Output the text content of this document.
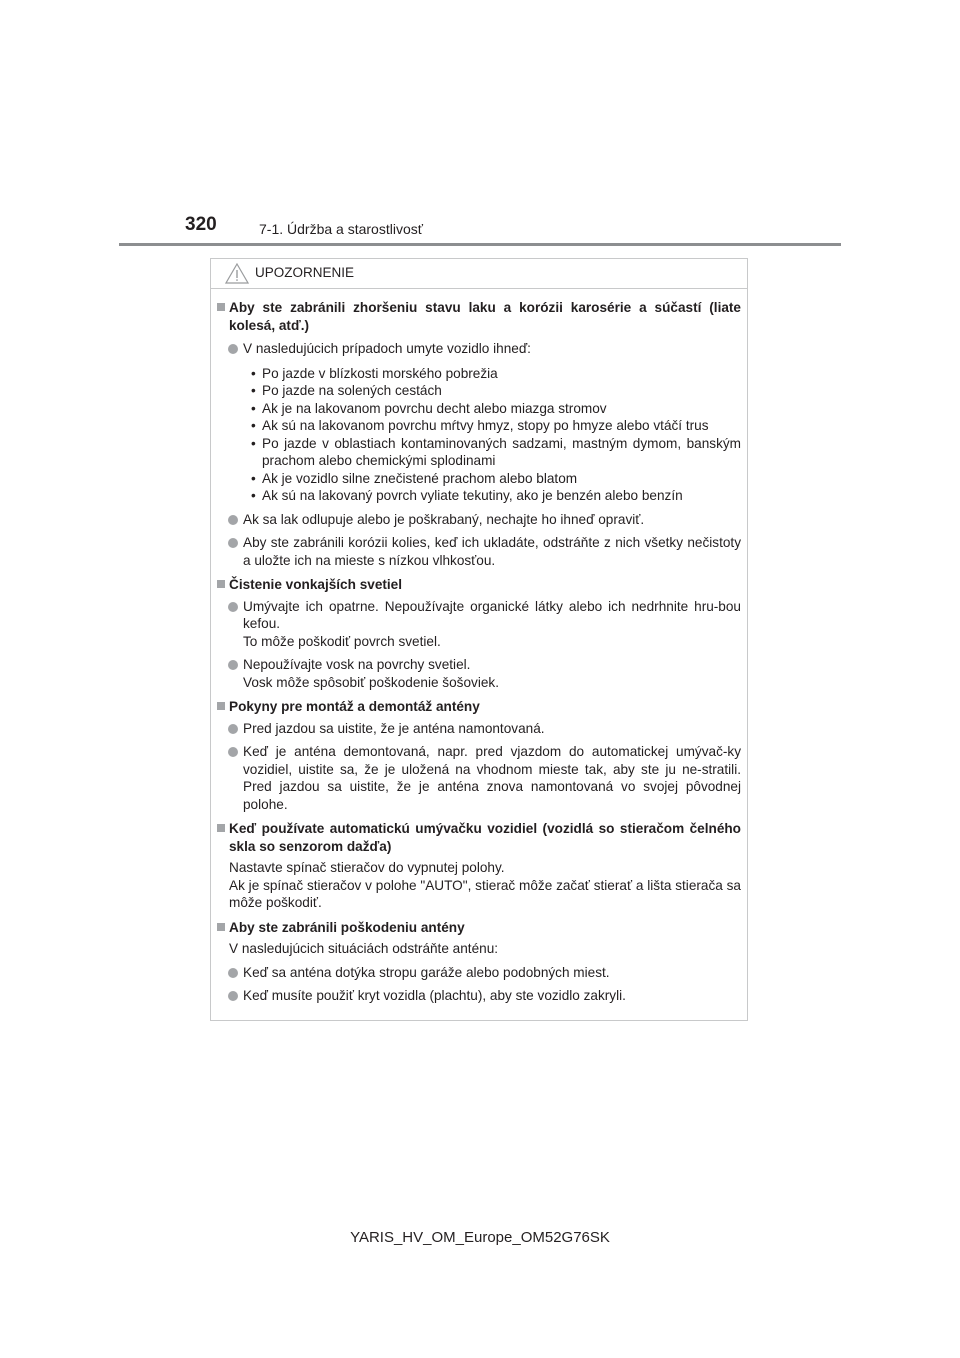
320	7-1. Údržba a starostlivosť
UPOZORNENIE
Aby ste zabránili zhoršeniu stavu laku a korózii karosérie a súčastí (liate kolesá, atď.)
V nasledujúcich prípadoch umyte vozidlo ihneď:
• Po jazde v blízkosti morského pobrežia
• Po jazde na solených cestách
• Ak je na lakovanom povrchu decht alebo miazga stromov
• Ak sú na lakovanom povrchu mŕtvy hmyz, stopy po hmyze alebo vtáčí trus
• Po jazde v oblastiach kontaminovaných sadzami, mastným dymom, banským prachom alebo chemickými splodinami
• Ak je vozidlo silne znečistené prachom alebo blatom
• Ak sú na lakovaný povrch vyliate tekutiny, ako je benzén alebo benzín
Ak sa lak odlupuje alebo je poškrabaný, nechajte ho ihneď opraviť.
Aby ste zabránili korózii kolies, keď ich ukladáte, odstráňte z nich všetky nečistoty a uložte ich na mieste s nízkou vlhkosťou.
Čistenie vonkajších svetiel
Umývajte ich opatrne. Nepoužívajte organické látky alebo ich nedrhnite hru-bou kefou.
To môže poškodiť povrch svetiel.
Nepoužívajte vosk na povrchy svetiel.
Vosk môže spôsobiť poškodenie šošoviek.
Pokyny pre montáž a demontáž antény
Pred jazdou sa uistite, že je anténa namontovaná.
Keď je anténa demontovaná, napr. pred vjazdom do automatickej umývač-ky vozidiel, uistite sa, že je uložená na vhodnom mieste tak, aby ste ju ne-stratili. Pred jazdou sa uistite, že je anténa znova namontovaná vo svojej pôvodnej polohe.
Keď používate automatickú umývačku vozidiel (vozidlá so stieračom čelného skla so senzorom dažďa)
Nastavte spínač stieračov do vypnutej polohy.
Ak je spínač stieračov v polohe "AUTO", stierač môže začať stierať a lišta stierača sa môže poškodiť.
Aby ste zabránili poškodeniu antény
V nasledujúcich situáciách odstráňte anténu:
Keď sa anténa dotýka stropu garáže alebo podobných miest.
Keď musíte použiť kryt vozidla (plachtu), aby ste vozidlo zakryli.
YARIS_HV_OM_Europe_OM52G76SK
